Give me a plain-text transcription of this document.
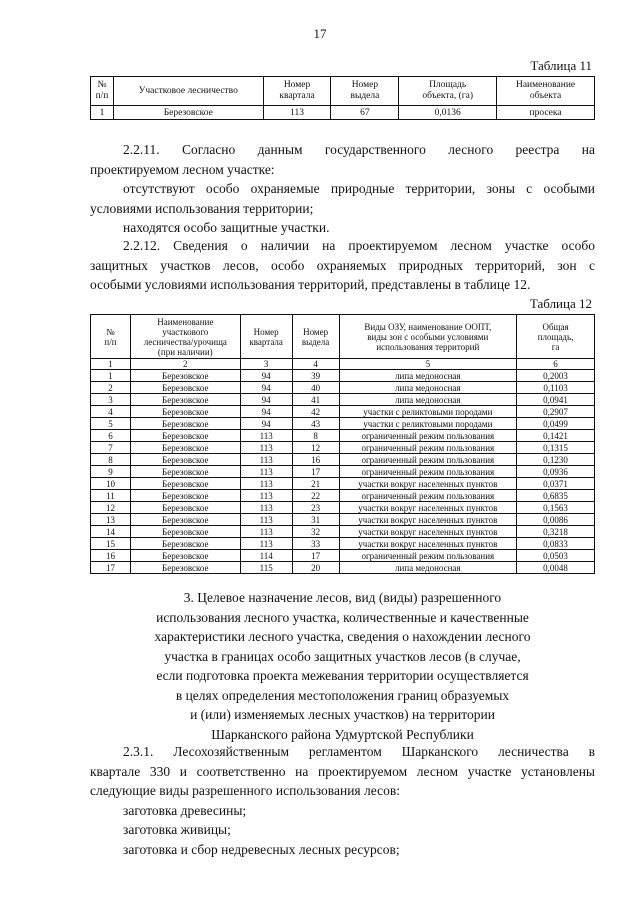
17
Таблица 11
№
п/п	Участковое лесничество	Номер
квартала	Номер
выдела	Площадь
объекта, (га)	Наименование
объекта
1	Березовское	113	67	0,0136	просека
2.2.11. Согласно данным государственного лесного реестра на
проектируемом лесном участке:
отсутствуют особо охраняемые природные территории, зоны с особыми
условиями использования территории;
находятся особо защитные участки.
2.2.12. Сведения о наличии на проектируемом лесном участке особо
защитных участков лесов, особо охраняемых природных территорий, зон с
особыми условиями использования территорий, представлены в таблице 12.
Таблица 12
№
п/п	Наименование
участкового
лесничества/урочища
(при наличии)	Номер
квартала	Номер
выдела	Виды ОЗУ, наименование ООПТ,
виды зон с особыми условиями
использования территорий	Общая
площадь,
га
1	2	3	4	5	6
1	Березовское	94	39	липа медоносная	0,2003
2	Березовское	94	40	липа медоносная	0,1103
3	Березовское	94	41	липа медоносная	0,0941
4	Березовское	94	42	участки с реликтовыми породами	0,2907
5	Березовское	94	43	участки с реликтовыми породами	0,0499
6	Березовское	113	8	ограниченный режим пользования	0,1421
7	Березовское	113	12	ограниченный режим пользования	0,1315
8	Березовское	113	16	ограниченный режим пользования	0,1230
9	Березовское	113	17	ограниченный режим пользования	0,0936
10	Березовское	113	21	участки вокруг населенных пунктов	0,0371
11	Березовское	113	22	ограниченный режим пользования	0,6835
12	Березовское	113	23	участки вокруг населенных пунктов	0,1563
13	Березовское	113	31	участки вокруг населенных пунктов	0,0086
14	Березовское	113	32	участки вокруг населенных пунктов	0,3218
15	Березовское	113	33	участки вокруг населенных пунктов	0,0833
16	Березовское	114	17	ограниченный режим пользования	0,0503
17	Березовское	115	20	липа медоносная	0,0048
3. Целевое назначение лесов, вид (виды) разрешенного
использования лесного участка, количественные и качественные
характеристики лесного участка, сведения о нахождении лесного
участка в границах особо защитных участков лесов (в случае,
если подготовка проекта межевания территории осуществляется
в целях определения местоположения границ образуемых
и (или) изменяемых лесных участков) на территории
Шарканского района Удмуртской Республики
2.3.1. Лесохозяйственным регламентом Шарканского лесничества в
квартале 330 и соответственно на проектируемом лесном участке установлены
следующие виды разрешенного использования лесов:
заготовка древесины;
заготовка живицы;
заготовка и сбор недревесных лесных ресурсов;
